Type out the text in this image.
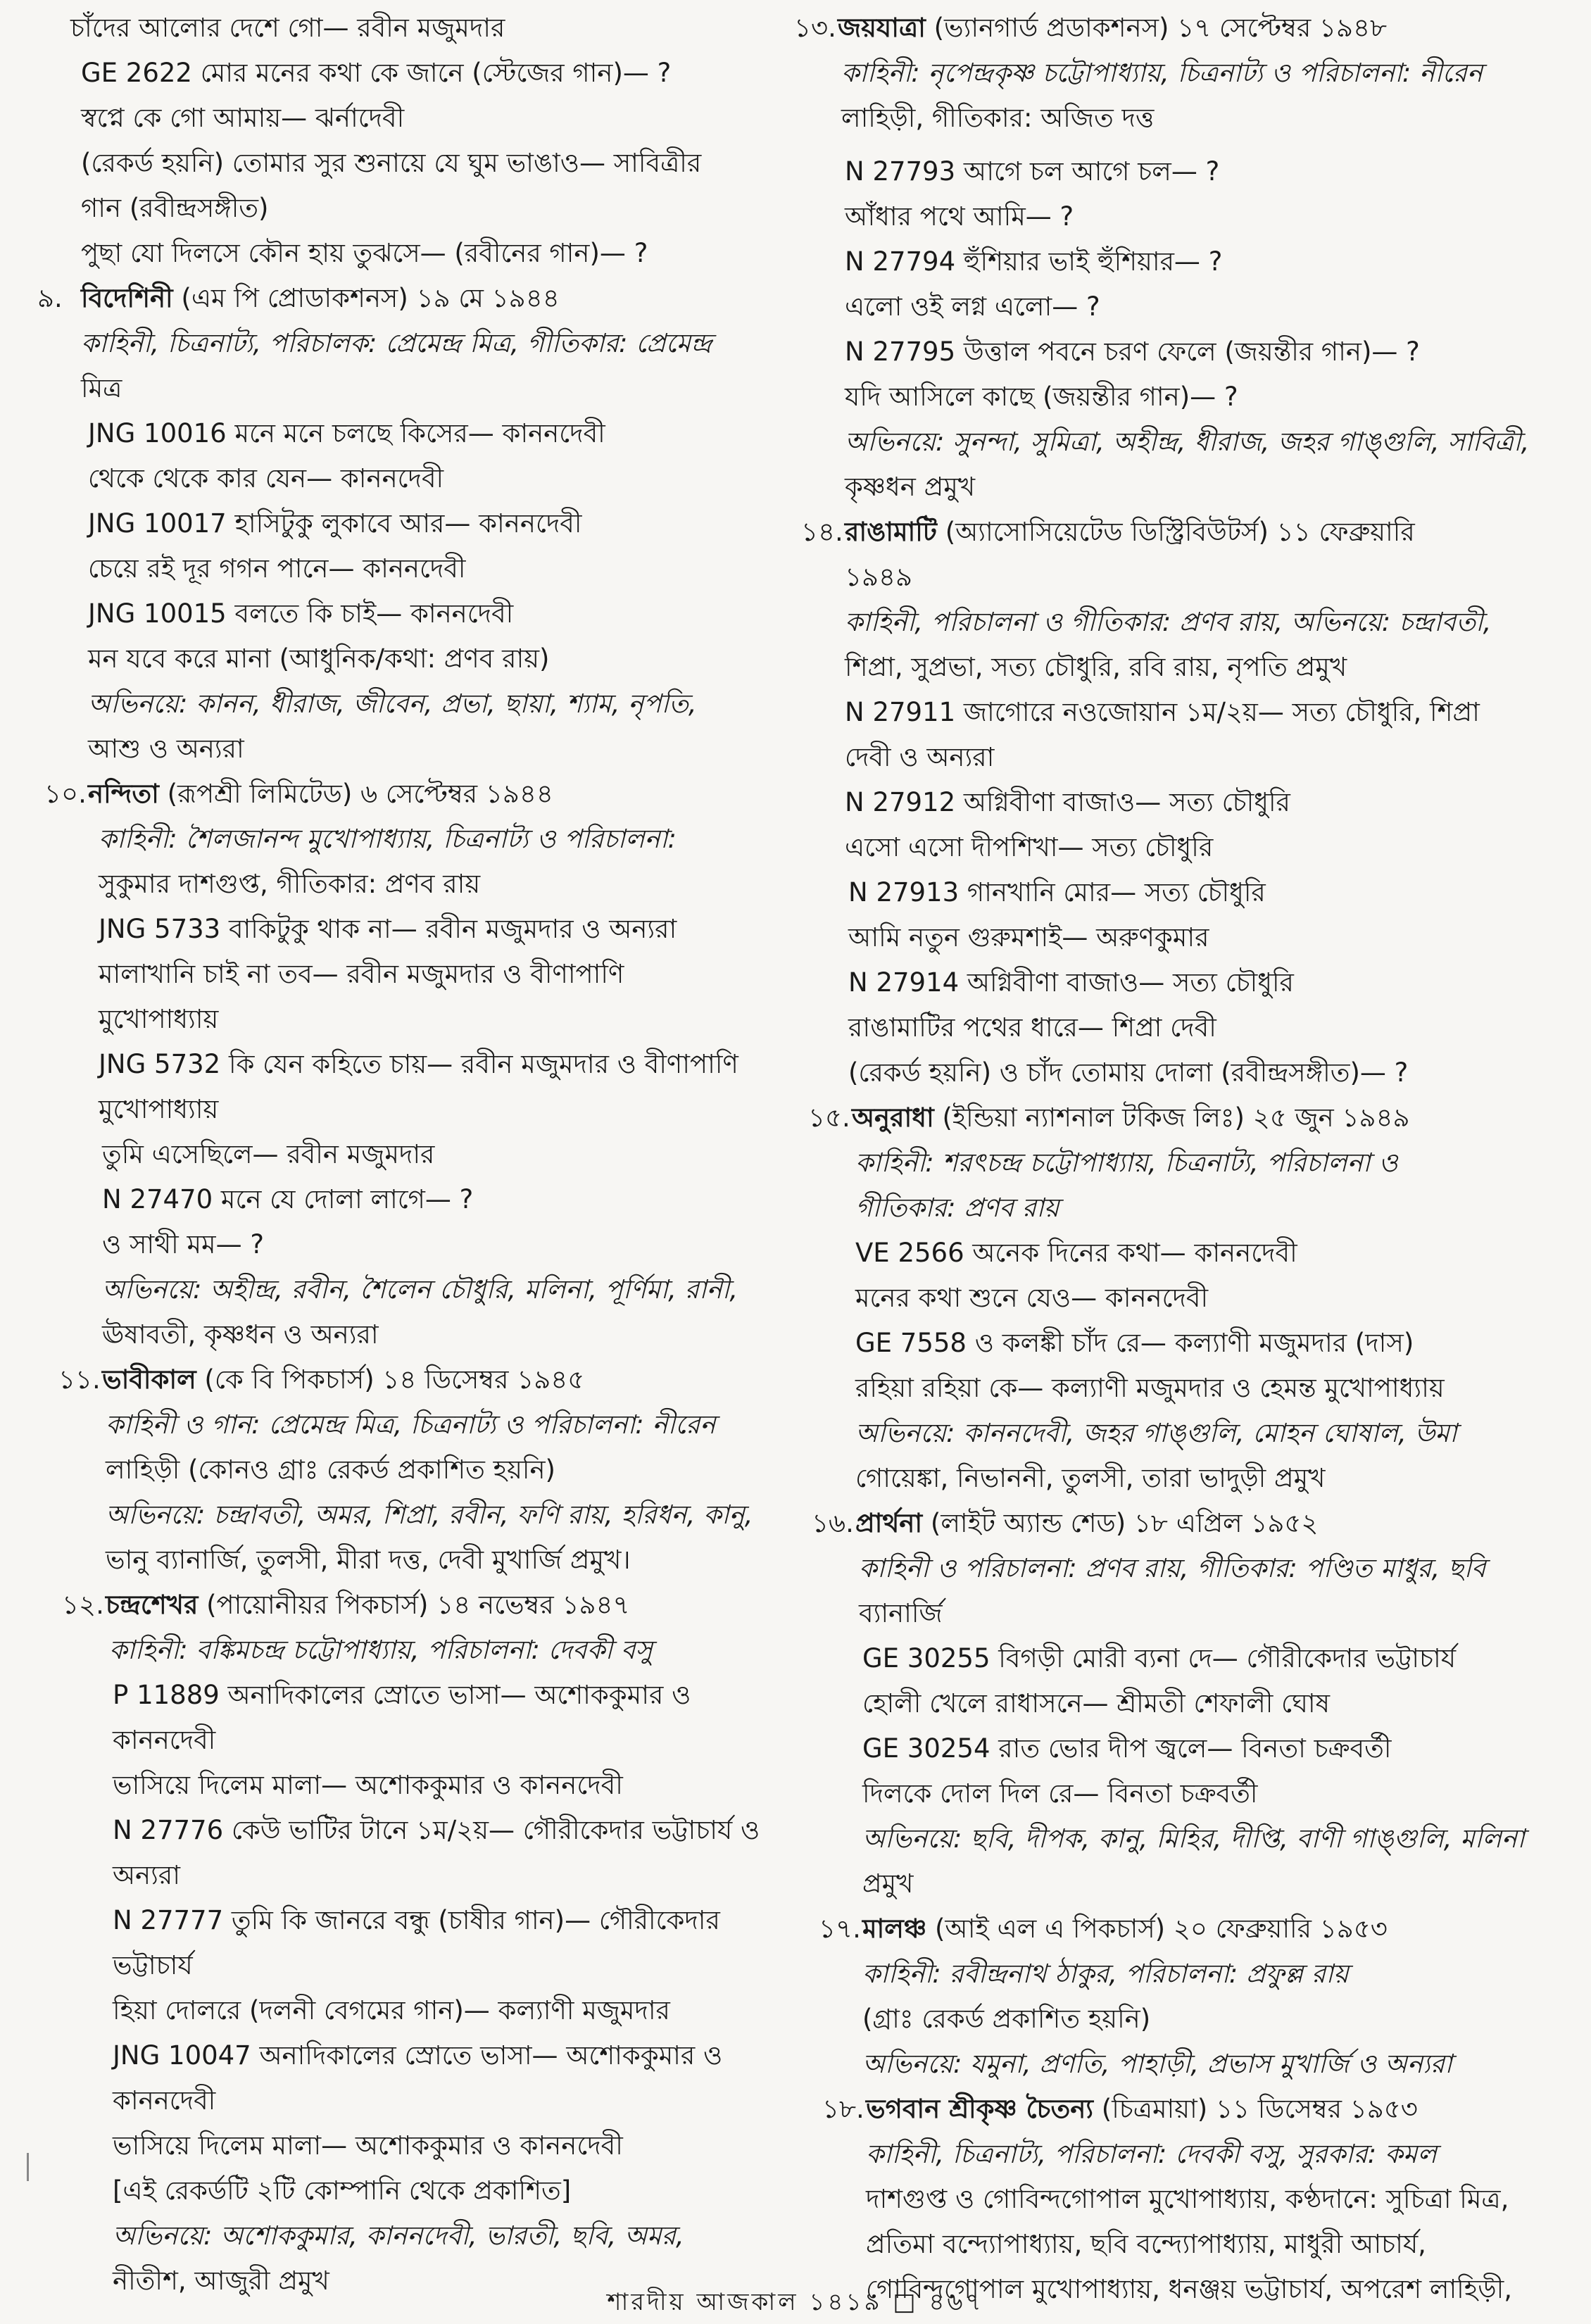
চাঁদের আলোর দেশে গো— রবীন মজুমদার
GE 2622 মোর মনের কথা কে জানে (স্টেজের গান)— ?
স্বপ্নে কে গো আমায়— ঝর্নাদেবী
(রেকর্ড হয়নি) তোমার সুর শুনায়ে যে ঘুম ভাঙাও— সাবিত্রীর
গান (রবীন্দ্রসঙ্গীত)
পুছা যো দিলসে কৌন হায় তুঝসে— (রবীনের গান)— ?
৯. বিদেশিনী (এম পি প্রোডাকশনস) ১৯ মে ১৯৪৪
কাহিনী, চিত্রনাট্য, পরিচালক: প্রেমেন্দ্র মিত্র, গীতিকার: প্রেমেন্দ্র
মিত্র
JNG 10016 মনে মনে চলছে কিসের— কাননদেবী
থেকে থেকে কার যেন— কাননদেবী
JNG 10017 হাসিটুকু লুকাবে আর— কাননদেবী
চেয়ে রই দূর গগন পানে— কাননদেবী
JNG 10015 বলতে কি চাই— কাননদেবী
মন যবে করে মানা (আধুনিক/কথা: প্রণব রায়)
অভিনয়ে: কানন, ধীরাজ, জীবেন, প্রভা, ছায়া, শ্যাম, নৃপতি,
আশু ও অন্যরা
১০. নন্দিতা (রূপশ্রী লিমিটেড) ৬ সেপ্টেম্বর ১৯৪৪
কাহিনী: শৈলজানন্দ মুখোপাধ্যায়, চিত্রনাট্য ও পরিচালনা:
সুকুমার দাশগুপ্ত, গীতিকার: প্রণব রায়
JNG 5733 বাকিটুকু থাক না— রবীন মজুমদার ও অন্যরা
মালাখানি চাই না তব— রবীন মজুমদার ও বীণাপাণি
মুখোপাধ্যায়
JNG 5732 কি যেন কহিতে চায়— রবীন মজুমদার ও বীণাপাণি
মুখোপাধ্যায়
তুমি এসেছিলে— রবীন মজুমদার
N 27470 মনে যে দোলা লাগে— ?
ও সাথী মম— ?
অভিনয়ে: অহীন্দ্র, রবীন, শৈলেন চৌধুরি, মলিনা, পূর্ণিমা, রানী,
ঊষাবতী, কৃষ্ণধন ও অন্যরা
১১. ভাবীকাল (কে বি পিকচার্স) ১৪ ডিসেম্বর ১৯৪৫
কাহিনী ও গান: প্রেমেন্দ্র মিত্র, চিত্রনাট্য ও পরিচালনা: নীরেন
লাহিড়ী (কোনও গ্রাঃ রেকর্ড প্রকাশিত হয়নি)
অভিনয়ে: চন্দ্রাবতী, অমর, শিপ্রা, রবীন, ফণি রায়, হরিধন, কানু,
ভানু ব্যানার্জি, তুলসী, মীরা দত্ত, দেবী মুখার্জি প্রমুখ।
১২. চন্দ্রশেখর (পায়োনীয়র পিকচার্স) ১৪ নভেম্বর ১৯৪৭
কাহিনী: বঙ্কিমচন্দ্র চট্টোপাধ্যায়, পরিচালনা: দেবকী বসু
P 11889 অনাদিকালের স্রোতে ভাসা— অশোককুমার ও
কাননদেবী
ভাসিয়ে দিলেম মালা— অশোককুমার ও কাননদেবী
N 27776 কেউ ভাটির টানে ১ম/২য়— গৌরীকেদার ভট্টাচার্য ও
অন্যরা
N 27777 তুমি কি জানরে বন্ধু (চাষীর গান)— গৌরীকেদার
ভট্টাচার্য
হিয়া দোলরে (দলনী বেগমের গান)— কল্যাণী মজুমদার
JNG 10047 অনাদিকালের স্রোতে ভাসা— অশোককুমার ও
কাননদেবী
ভাসিয়ে দিলেম মালা— অশোককুমার ও কাননদেবী
[এই রেকর্ডটি ২টি কোম্পানি থেকে প্রকাশিত]
অভিনয়ে: অশোককুমার, কাননদেবী, ভারতী, ছবি, অমর,
নীতীশ, আজুরী প্রমুখ
১৩. জয়যাত্রা (ভ্যানগার্ড প্রডাকশনস) ১৭ সেপ্টেম্বর ১৯৪৮
কাহিনী: নৃপেন্দ্রকৃষ্ণ চট্টোপাধ্যায়, চিত্রনাট্য ও পরিচালনা: নীরেন
লাহিড়ী, গীতিকার: অজিত দত্ত
N 27793 আগে চল আগে চল— ?
আঁধার পথে আমি— ?
N 27794 হুঁশিয়ার ভাই হুঁশিয়ার— ?
এলো ওই লগ্ন এলো— ?
N 27795 উত্তাল পবনে চরণ ফেলে (জয়ন্তীর গান)— ?
যদি আসিলে কাছে (জয়ন্তীর গান)— ?
অভিনয়ে: সুনন্দা, সুমিত্রা, অহীন্দ্র, ধীরাজ, জহর গাঙ্গুলি, সাবিত্রী,
কৃষ্ণধন প্রমুখ
১৪. রাঙামাটি (অ্যাসোসিয়েটেড ডিস্ট্রিবিউটর্স) ১১ ফেব্রুয়ারি
১৯৪৯
কাহিনী, পরিচালনা ও গীতিকার: প্রণব রায়, অভিনয়ে: চন্দ্রাবতী,
শিপ্রা, সুপ্রভা, সত্য চৌধুরি, রবি রায়, নৃপতি প্রমুখ
N 27911 জাগোরে নওজোয়ান ১ম/২য়— সত্য চৌধুরি, শিপ্রা
দেবী ও অন্যরা
N 27912 অগ্নিবীণা বাজাও— সত্য চৌধুরি
এসো এসো দীপশিখা— সত্য চৌধুরি
N 27913 গানখানি মোর— সত্য চৌধুরি
আমি নতুন গুরুমশাই— অরুণকুমার
N 27914 অগ্নিবীণা বাজাও— সত্য চৌধুরি
রাঙামাটির পথের ধারে— শিপ্রা দেবী
(রেকর্ড হয়নি) ও চাঁদ তোমায় দোলা (রবীন্দ্রসঙ্গীত)— ?
১৫. অনুরাধা (ইন্ডিয়া ন্যাশনাল টকিজ লিঃ) ২৫ জুন ১৯৪৯
কাহিনী: শরৎচন্দ্র চট্টোপাধ্যায়, চিত্রনাট্য, পরিচালনা ও
গীতিকার: প্রণব রায়
VE 2566 অনেক দিনের কথা— কাননদেবী
মনের কথা শুনে যেও— কাননদেবী
GE 7558 ও কলঙ্কী চাঁদ রে— কল্যাণী মজুমদার (দাস)
রহিয়া রহিয়া কে— কল্যাণী মজুমদার ও হেমন্ত মুখোপাধ্যায়
অভিনয়ে: কাননদেবী, জহর গাঙ্গুলি, মোহন ঘোষাল, উমা
গোয়েঙ্কা, নিভাননী, তুলসী, তারা ভাদুড়ী প্রমুখ
১৬. প্রার্থনা (লাইট অ্যান্ড শেড) ১৮ এপ্রিল ১৯৫২
কাহিনী ও পরিচালনা: প্রণব রায়, গীতিকার: পণ্ডিত মাধুর, ছবি
ব্যানার্জি
GE 30255 বিগড়ী মোরী ব্যনা দে— গৌরীকেদার ভট্টাচার্য
হোলী খেলে রাধাসনে— শ্রীমতী শেফালী ঘোষ
GE 30254 রাত ভোর দীপ জ্বলে— বিনতা চক্রবর্তী
দিলকে দোল দিল রে— বিনতা চক্রবর্তী
অভিনয়ে: ছবি, দীপক, কানু, মিহির, দীপ্তি, বাণী গাঙ্গুলি, মলিনা
প্রমুখ
১৭. মালঞ্চ (আই এল এ পিকচার্স) ২০ ফেব্রুয়ারি ১৯৫৩
কাহিনী: রবীন্দ্রনাথ ঠাকুর, পরিচালনা: প্রফুল্ল রায়
(গ্রাঃ রেকর্ড প্রকাশিত হয়নি)
অভিনয়ে: যমুনা, প্রণতি, পাহাড়ী, প্রভাস মুখার্জি ও অন্যরা
১৮. ভগবান শ্রীকৃষ্ণ চৈতন্য (চিত্রমায়া) ১১ ডিসেম্বর ১৯৫৩
কাহিনী, চিত্রনাট্য, পরিচালনা: দেবকী বসু, সুরকার: কমল
দাশগুপ্ত ও গোবিন্দগোপাল মুখোপাধ্যায়, কণ্ঠদানে: সুচিত্রা মিত্র,
প্রতিমা বন্দ্যোপাধ্যায়, ছবি বন্দ্যোপাধ্যায়, মাধুরী আচার্য,
গোবিন্দগোপাল মুখোপাধ্যায়, ধনঞ্জয় ভট্টাচার্য, অপরেশ লাহিড়ী,
শারদীয় আজকাল ১৪১৯ □ ৪৬৭
